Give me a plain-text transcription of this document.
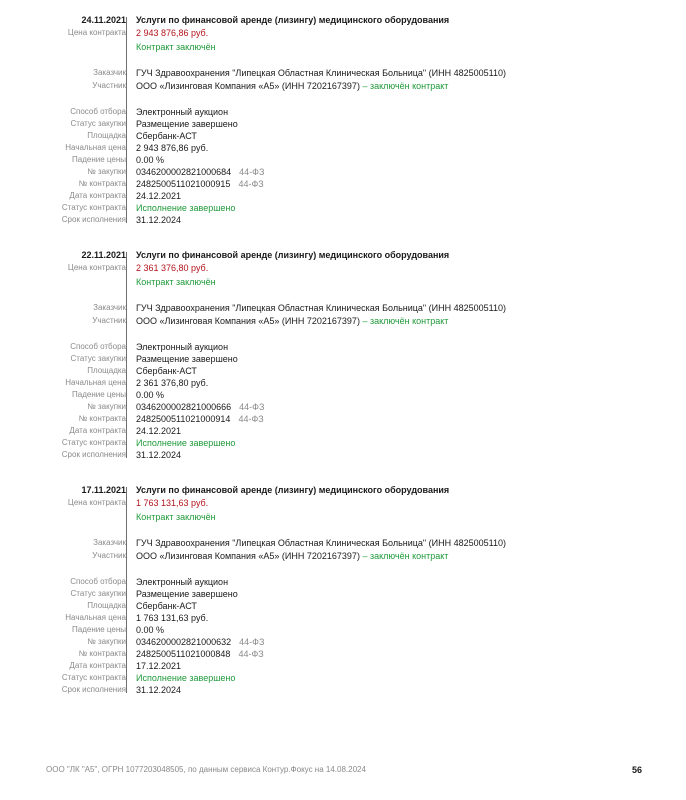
24.11.2021 Услуги по финансовой аренде (лизингу) медицинского оборудования
Цена контракта 2 943 876,86 руб.
Контракт заключён
Заказчик ГУЧ Здравоохранения "Липецкая Областная Клиническая Больница" (ИНН 4825005110)
Участник ООО «Лизинговая Компания «А5» (ИНН 7202167397) – заключён контракт
Способ отбора Электронный аукцион
Статус закупки Размещение завершено
Площадка Сбербанк-АСТ
Начальная цена 2 943 876,86 руб.
Падение цены 0.00 %
№ закупки 0346200002821000684 44-ФЗ
№ контракта 2482500511021000915 44-ФЗ
Дата контракта 24.12.2021
Статус контракта Исполнение завершено
Срок исполнения 31.12.2024
22.11.2021 Услуги по финансовой аренде (лизингу) медицинского оборудования
Цена контракта 2 361 376,80 руб.
Контракт заключён
Заказчик ГУЧ Здравоохранения "Липецкая Областная Клиническая Больница" (ИНН 4825005110)
Участник ООО «Лизинговая Компания «А5» (ИНН 7202167397) – заключён контракт
Способ отбора Электронный аукцион
Статус закупки Размещение завершено
Площадка Сбербанк-АСТ
Начальная цена 2 361 376,80 руб.
Падение цены 0.00 %
№ закупки 0346200002821000666 44-ФЗ
№ контракта 2482500511021000914 44-ФЗ
Дата контракта 24.12.2021
Статус контракта Исполнение завершено
Срок исполнения 31.12.2024
17.11.2021 Услуги по финансовой аренде (лизингу) медицинского оборудования
Цена контракта 1 763 131,63 руб.
Контракт заключён
Заказчик ГУЧ Здравоохранения "Липецкая Областная Клиническая Больница" (ИНН 4825005110)
Участник ООО «Лизинговая Компания «А5» (ИНН 7202167397) – заключён контракт
Способ отбора Электронный аукцион
Статус закупки Размещение завершено
Площадка Сбербанк-АСТ
Начальная цена 1 763 131,63 руб.
Падение цены 0.00 %
№ закупки 0346200002821000632 44-ФЗ
№ контракта 2482500511021000848 44-ФЗ
Дата контракта 17.12.2021
Статус контракта Исполнение завершено
Срок исполнения 31.12.2024
ООО "ЛК "А5", ОГРН 1077203048505, по данным сервиса Контур.Фокус на 14.08.2024	56
